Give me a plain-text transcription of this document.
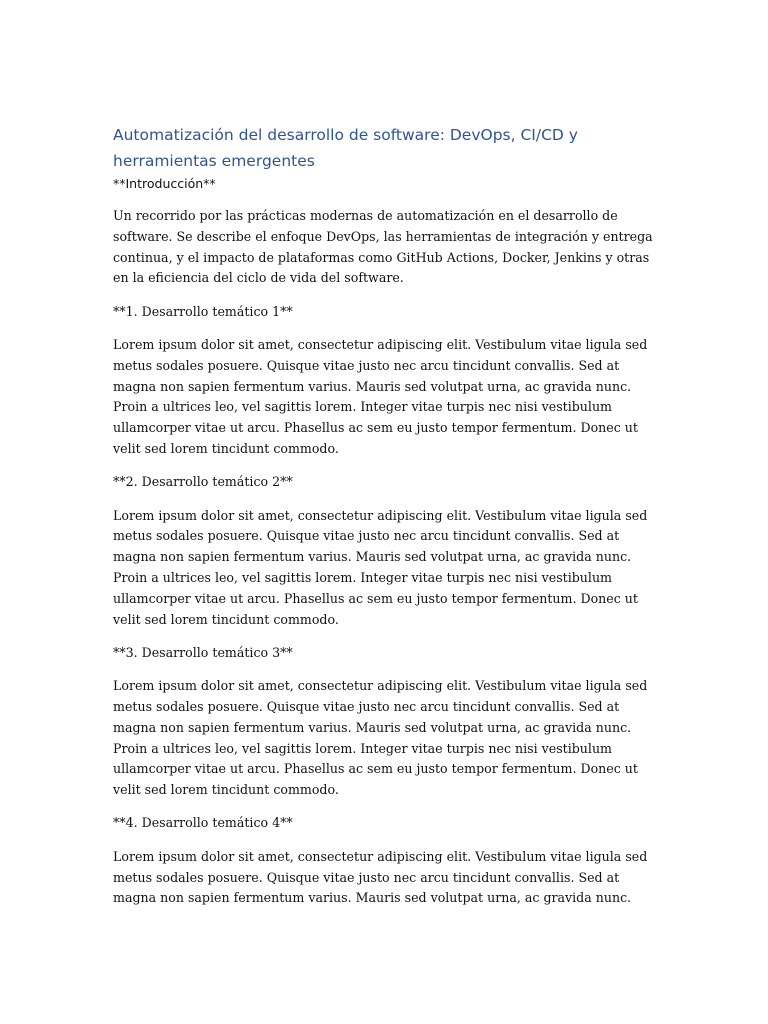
Automatización del desarrollo de software: DevOps, CI/CD y herramientas emergentes

**Introducción**

Un recorrido por las prácticas modernas de automatización en el desarrollo de software. Se describe el enfoque DevOps, las herramientas de integración y entrega continua, y el impacto de plataformas como GitHub Actions, Docker, Jenkins y otras en la eficiencia del ciclo de vida del software.

**1. Desarrollo temático 1**

Lorem ipsum dolor sit amet, consectetur adipiscing elit. Vestibulum vitae ligula sed metus sodales posuere. Quisque vitae justo nec arcu tincidunt convallis. Sed at magna non sapien fermentum varius. Mauris sed volutpat urna, ac gravida nunc. Proin a ultrices leo, vel sagittis lorem. Integer vitae turpis nec nisi vestibulum ullamcorper vitae ut arcu. Phasellus ac sem eu justo tempor fermentum. Donec ut velit sed lorem tincidunt commodo.

**2. Desarrollo temático 2**

Lorem ipsum dolor sit amet, consectetur adipiscing elit. Vestibulum vitae ligula sed metus sodales posuere. Quisque vitae justo nec arcu tincidunt convallis. Sed at magna non sapien fermentum varius. Mauris sed volutpat urna, ac gravida nunc. Proin a ultrices leo, vel sagittis lorem. Integer vitae turpis nec nisi vestibulum ullamcorper vitae ut arcu. Phasellus ac sem eu justo tempor fermentum. Donec ut velit sed lorem tincidunt commodo.

**3. Desarrollo temático 3**

Lorem ipsum dolor sit amet, consectetur adipiscing elit. Vestibulum vitae ligula sed metus sodales posuere. Quisque vitae justo nec arcu tincidunt convallis. Sed at magna non sapien fermentum varius. Mauris sed volutpat urna, ac gravida nunc. Proin a ultrices leo, vel sagittis lorem. Integer vitae turpis nec nisi vestibulum ullamcorper vitae ut arcu. Phasellus ac sem eu justo tempor fermentum. Donec ut velit sed lorem tincidunt commodo.

**4. Desarrollo temático 4**

Lorem ipsum dolor sit amet, consectetur adipiscing elit. Vestibulum vitae ligula sed metus sodales posuere. Quisque vitae justo nec arcu tincidunt convallis. Sed at magna non sapien fermentum varius. Mauris sed volutpat urna, ac gravida nunc.
